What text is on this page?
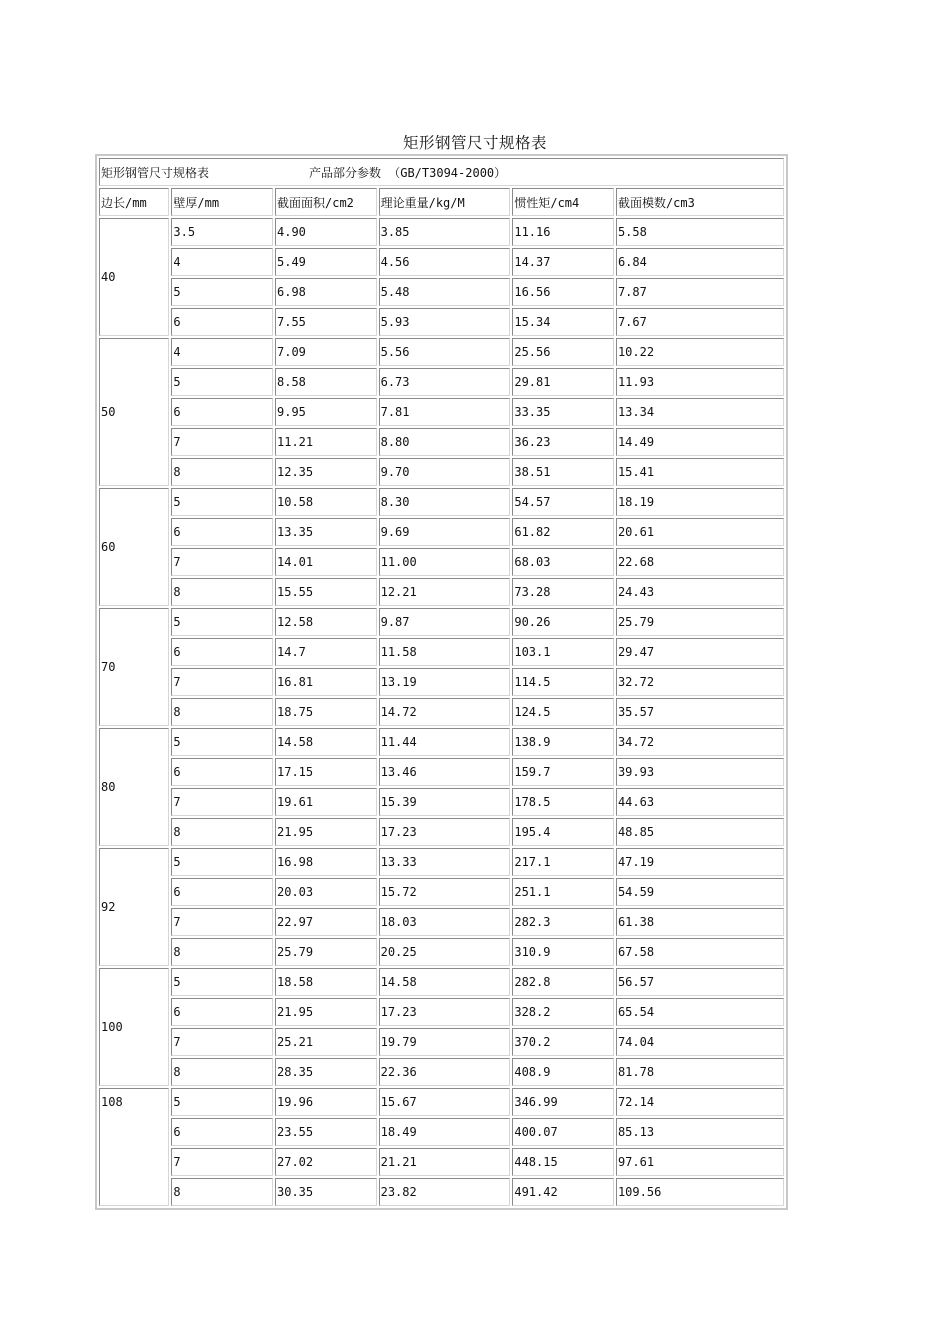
矩形钢管尺寸规格表
矩形钢管尺寸规格表 产品部分参数 （GB/T3094-2000）					
边长/mm	壁厚/mm	截面面积/cm2	理论重量/kg/M	惯性矩/cm4	截面模数/cm3
40	3.5	4.90	3.85	11.16	5.58
	4	5.49	4.56	14.37	6.84
	5	6.98	5.48	16.56	7.87
	6	7.55	5.93	15.34	7.67
50	4	7.09	5.56	25.56	10.22
	5	8.58	6.73	29.81	11.93
	6	9.95	7.81	33.35	13.34
	7	11.21	8.80	36.23	14.49
	8	12.35	9.70	38.51	15.41
60	5	10.58	8.30	54.57	18.19
	6	13.35	9.69	61.82	20.61
	7	14.01	11.00	68.03	22.68
	8	15.55	12.21	73.28	24.43
70	5	12.58	9.87	90.26	25.79
	6	14.7	11.58	103.1	29.47
	7	16.81	13.19	114.5	32.72
	8	18.75	14.72	124.5	35.57
80	5	14.58	11.44	138.9	34.72
	6	17.15	13.46	159.7	39.93
	7	19.61	15.39	178.5	44.63
	8	21.95	17.23	195.4	48.85
92	5	16.98	13.33	217.1	47.19
	6	20.03	15.72	251.1	54.59
	7	22.97	18.03	282.3	61.38
	8	25.79	20.25	310.9	67.58
100	5	18.58	14.58	282.8	56.57
	6	21.95	17.23	328.2	65.54
	7	25.21	19.79	370.2	74.04
	8	28.35	22.36	408.9	81.78
108	5	19.96	15.67	346.99	72.14
	6	23.55	18.49	400.07	85.13
	7	27.02	21.21	448.15	97.61
	8	30.35	23.82	491.42	109.56
